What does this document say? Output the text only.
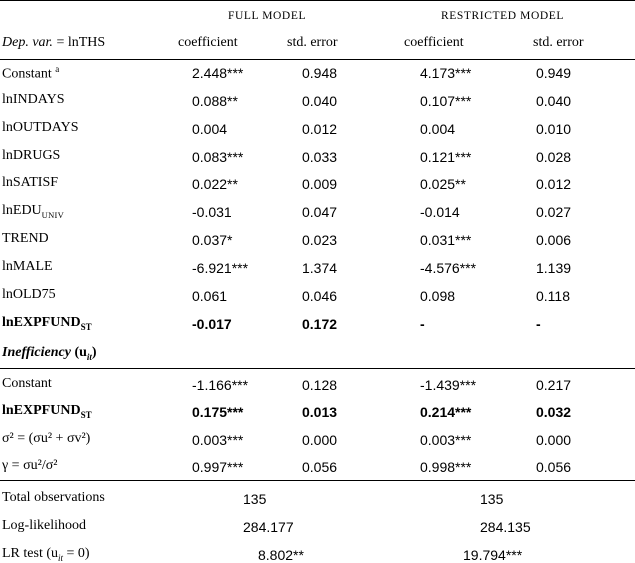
FULL MODEL	RESTRICTED MODEL
Dep. var. = lnTHS	coefficient	std. error	coefficient	std. error
Inefficiency $(u_{it})$
Constant $^a$	2.448***	0.948	4.173***	0.949
lnINDAYS	0.088**	0.040	0.107***	0.040
lnOUTDAYS	0.004	0.012	0.004	0.010
lnDRUGS	0.083***	0.033	0.121***	0.028
lnSATISF	0.022**	0.009	0.025**	0.012
lnEDU$_{UNIV}$	-0.031	0.047	-0.014	0.027
TREND	0.037*	0.023	0.031***	0.006
lnMALE	-6.921***	1.374	-4.576***	1.139
lnOLD75	0.061	0.046	0.098	0.118
lnEXPFUND$_{ST}$	-0.017	0.172	-	-
Constant	-1.166***	0.128	-1.439***	0.217
lnEXPFUND$_{ST}$	0.175***	0.013	0.214***	0.032
σ² = (σu² + σv²)	0.003***	0.000	0.003***	0.000
γ = σu²/σ²	0.997***	0.056	0.998***	0.056
Total observations	135	135
Log-likelihood	284.177	284.135
LR test $(u_{it} = 0)$	8.802**	19.794***
